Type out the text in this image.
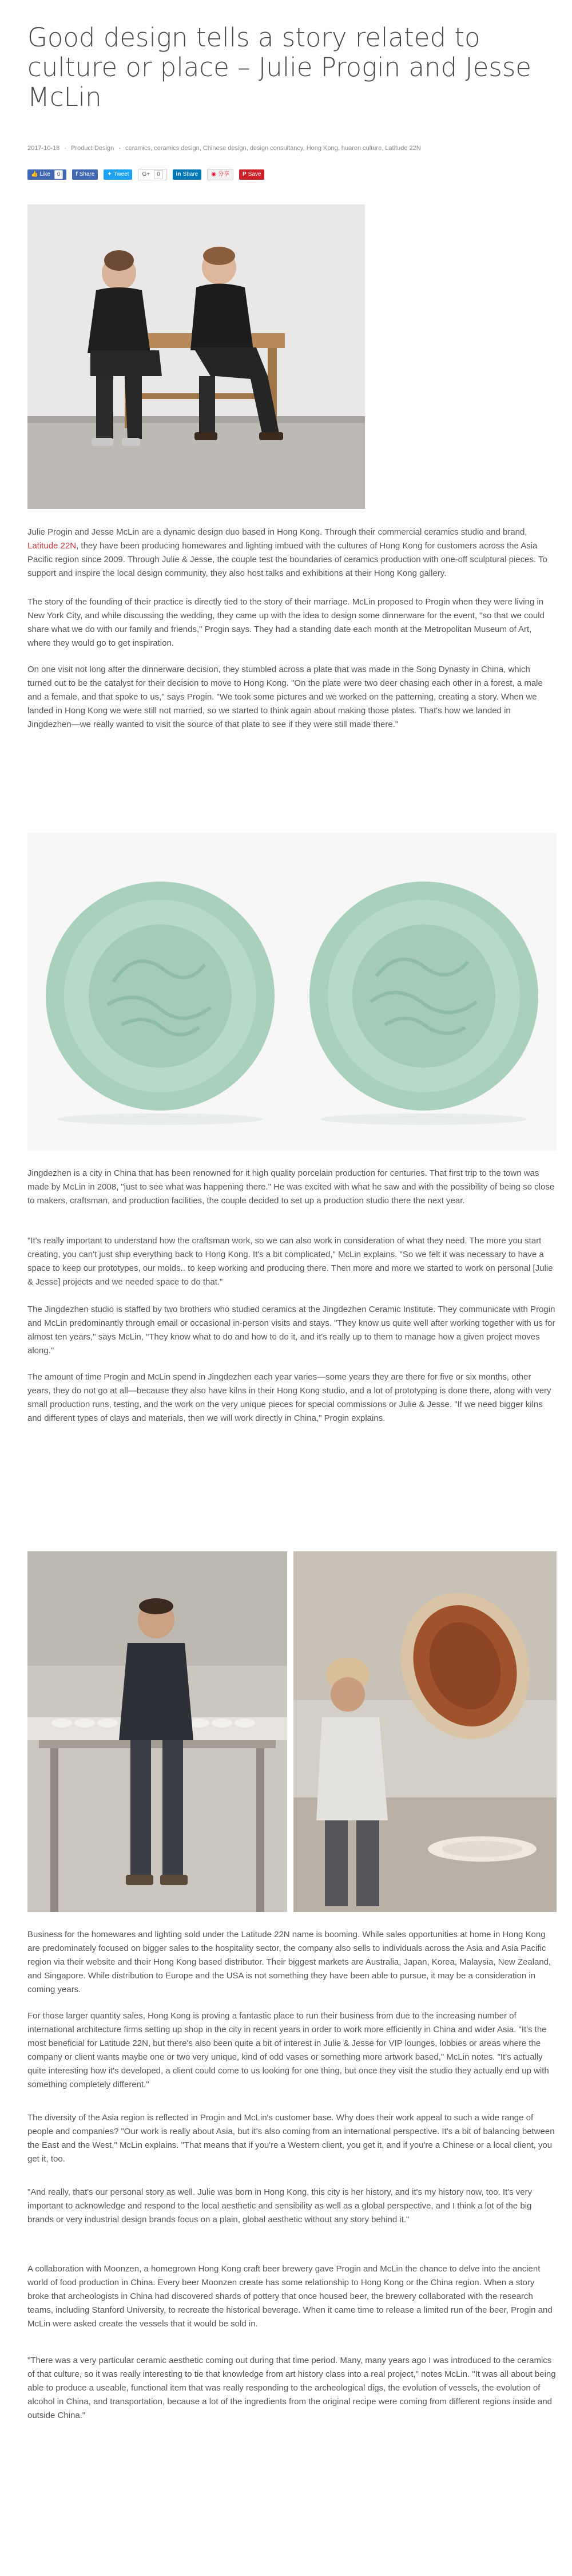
Good design tells a story related to culture or place – Julie Progin and Jesse McLin
2017-10-18 · Product Design - ceramics, ceramics design, Chinese design, design consultancy, Hong Kong, huaren culture, Latitude 22N
👍 Like	0	f Share ✦ Tweet G+	0	in Share ◉ 分享 P Save

Julie Progin and Jesse McLin are a dynamic design duo based in Hong Kong. Through their commercial ceramics studio and brand, Latitude 22N, they have been producing homewares and lighting imbued with the cultures of Hong Kong for customers across the Asia Pacific region since 2009. Through Julie & Jesse, the couple test the boundaries of ceramics production with one-off sculptural pieces. To support and inspire the local design community, they also host talks and exhibitions at their Hong Kong gallery.

The story of the founding of their practice is directly tied to the story of their marriage. McLin proposed to Progin when they were living in New York City, and while discussing the wedding, they came up with the idea to design some dinnerware for the event, "so that we could share what we do with our family and friends," Progin says. They had a standing date each month at the Metropolitan Museum of Art, where they would go to get inspiration.

On one visit not long after the dinnerware decision, they stumbled across a plate that was made in the Song Dynasty in China, which turned out to be the catalyst for their decision to move to Hong Kong. "On the plate were two deer chasing each other in a forest, a male and a female, and that spoke to us," says Progin. "We took some pictures and we worked on the patterning, creating a story. When we landed in Hong Kong we were still not married, so we started to think again about making those plates. That's how we landed in Jingdezhen—we really wanted to visit the source of that plate to see if they were still made there."

Jingdezhen is a city in China that has been renowned for it high quality porcelain production for centuries. That first trip to the town was made by McLin in 2008, "just to see what was happening there." He was excited with what he saw and with the possibility of being so close to makers, craftsman, and production facilities, the couple decided to set up a production studio there the next year.

"It's really important to understand how the craftsman work, so we can also work in consideration of what they need. The more you start creating, you can't just ship everything back to Hong Kong. It's a bit complicated," McLin explains. "So we felt it was necessary to have a space to keep our prototypes, our molds.. to keep working and producing there. Then more and more we started to work on personal [Julie & Jesse] projects and we needed space to do that."

The Jingdezhen studio is staffed by two brothers who studied ceramics at the Jingdezhen Ceramic Institute. They communicate with Progin and McLin predominantly through email or occasional in-person visits and stays. "They know us quite well after working together with us for almost ten years," says McLin, "They know what to do and how to do it, and it's really up to them to manage how a given project moves along."

The amount of time Progin and McLin spend in Jingdezhen each year varies—some years they are there for five or six months, other years, they do not go at all—because they also have kilns in their Hong Kong studio, and a lot of prototyping is done there, along with very small production runs, testing, and the work on the very unique pieces for special commissions or Julie & Jesse. "If we need bigger kilns and different types of clays and materials, then we will work directly in China," Progin explains.

Business for the homewares and lighting sold under the Latitude 22N name is booming. While sales opportunities at home in Hong Kong are predominately focused on bigger sales to the hospitality sector, the company also sells to individuals across the Asia and Asia Pacific region via their website and their Hong Kong based distributor. Their biggest markets are Australia, Japan, Korea, Malaysia, New Zealand, and Singapore. While distribution to Europe and the USA is not something they have been able to pursue, it may be a consideration in coming years.

For those larger quantity sales, Hong Kong is proving a fantastic place to run their business from due to the increasing number of international architecture firms setting up shop in the city in recent years in order to work more efficiently in China and wider Asia. "It's the most beneficial for Latitude 22N, but there's also been quite a bit of interest in Julie & Jesse for VIP lounges, lobbies or areas where the company or client wants maybe one or two very unique, kind of odd vases or something more artwork based," McLin notes. "It's actually quite interesting how it's developed, a client could come to us looking for one thing, but once they visit the studio they actually end up with something completely different."

The diversity of the Asia region is reflected in Progin and McLin's customer base. Why does their work appeal to such a wide range of people and companies? "Our work is really about Asia, but it's also coming from an international perspective. It's a bit of balancing between the East and the West," McLin explains. "That means that if you're a Western client, you get it, and if you're a Chinese or a local client, you get it, too.

"And really, that's our personal story as well. Julie was born in Hong Kong, this city is her history, and it's my history now, too. It's very important to acknowledge and respond to the local aesthetic and sensibility as well as a global perspective, and I think a lot of the big brands or very industrial design brands focus on a plain, global aesthetic without any story behind it."

A collaboration with Moonzen, a homegrown Hong Kong craft beer brewery gave Progin and McLin the chance to delve into the ancient world of food production in China. Every beer Moonzen create has some relationship to Hong Kong or the China region. When a story broke that archeologists in China had discovered shards of pottery that once housed beer, the brewery collaborated with the research teams, including Stanford University, to recreate the historical beverage. When it came time to release a limited run of the beer, Progin and McLin were asked create the vessels that it would be sold in.

"There was a very particular ceramic aesthetic coming out during that time period. Many, many years ago I was introduced to the ceramics of that culture, so it was really interesting to tie that knowledge from art history class into a real project," notes McLin. "It was all about being able to produce a useable, functional item that was really responding to the archeological digs, the evolution of vessels, the evolution of alcohol in China, and transportation, because a lot of the ingredients from the original recipe were coming from different regions inside and outside China."
